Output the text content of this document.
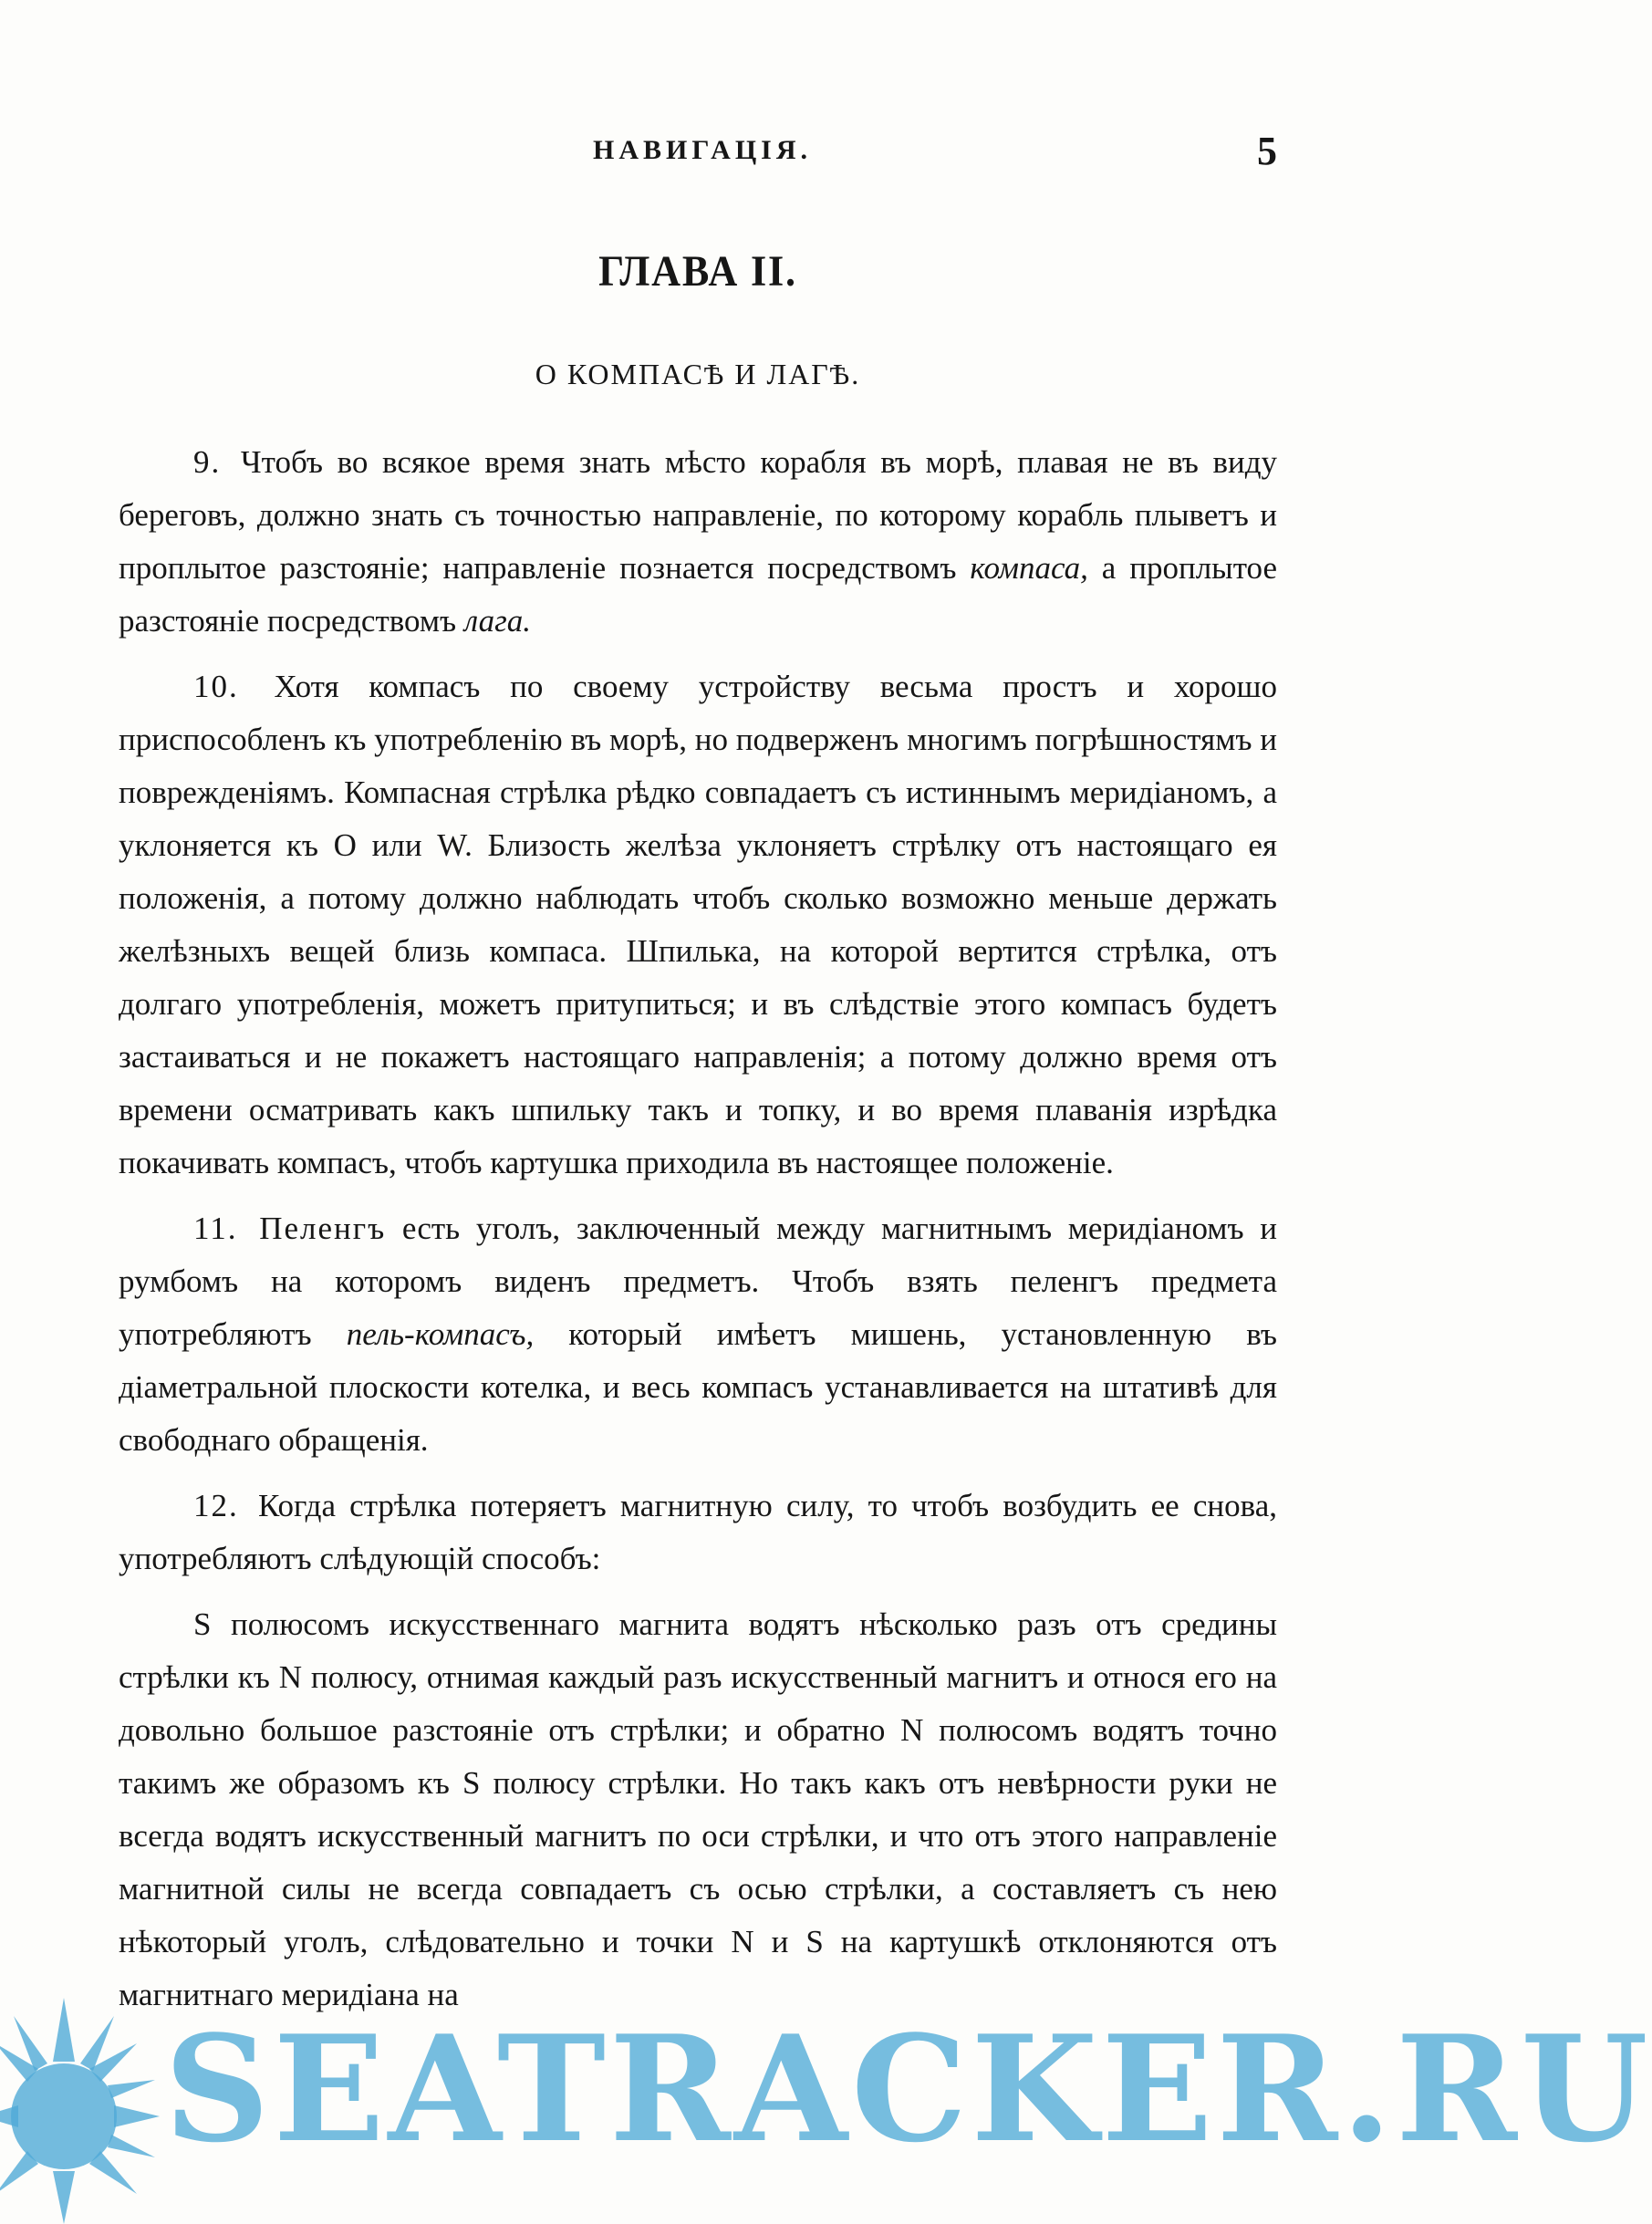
НАВИГАЦІЯ.	5
ГЛАВА II.
О КОМПАСѢ И ЛАГѢ.

9. Чтобъ во всякое время знать мѣсто корабля въ морѣ, плавая не въ виду береговъ, должно знать съ точностью направленіе, по которому корабль плыветъ и проплытое разстояніе; направленіе познается посредствомъ компаса, а проплытое разстояніе посредствомъ лага.

10. Хотя компасъ по своему устройству весьма простъ и хорошо приспособленъ къ употребленію въ морѣ, но подверженъ многимъ погрѣшностямъ и поврежденіямъ. Компасная стрѣлка рѣдко совпадаетъ съ истиннымъ меридіаномъ, а уклоняется къ O или W. Близость желѣза уклоняетъ стрѣлку отъ настоящаго ея положенія, а потому должно наблюдать чтобъ сколько возможно меньше держать желѣзныхъ вещей близь компаса. Шпилька, на которой вертится стрѣлка, отъ долгаго употребленія, можетъ притупиться; и въ слѣдствіе этого компасъ будетъ застаиваться и не покажетъ настоящаго направленія; а потому должно время отъ времени осматривать какъ шпильку такъ и топку, и во время плаванія изрѣдка покачивать компасъ, чтобъ картушка приходила въ настоящее положеніе.

11. Пеленгъ есть уголъ, заключенный между магнитнымъ меридіаномъ и румбомъ на которомъ виденъ предметъ. Чтобъ взять пеленгъ предмета употребляютъ пель-компасъ, который имѣетъ мишень, установленную въ діаметральной плоскости котелка, и весь компасъ устанавливается на штативѣ для свободнаго обращенія.

12. Когда стрѣлка потеряетъ магнитную силу, то чтобъ возбудить ее снова, употребляютъ слѣдующій способъ:

S полюсомъ искусственнаго магнита водятъ нѣсколько разъ отъ средины стрѣлки къ N полюсу, отнимая каждый разъ искусственный магнитъ и относя его на довольно большое разстояніе отъ стрѣлки; и обратно N полюсомъ водятъ точно такимъ же образомъ къ S полюсу стрѣлки. Но такъ какъ отъ невѣрности руки не всегда водятъ искусственный магнитъ по оси стрѣлки, и что отъ этого направленіе магнитной силы не всегда совпадаетъ съ осью стрѣлки, а составляетъ съ нею нѣкоторый уголъ, слѣдовательно и точки N и S на картушкѣ отклоняются отъ магнитнаго меридіана на

SEATRACKER.RU
